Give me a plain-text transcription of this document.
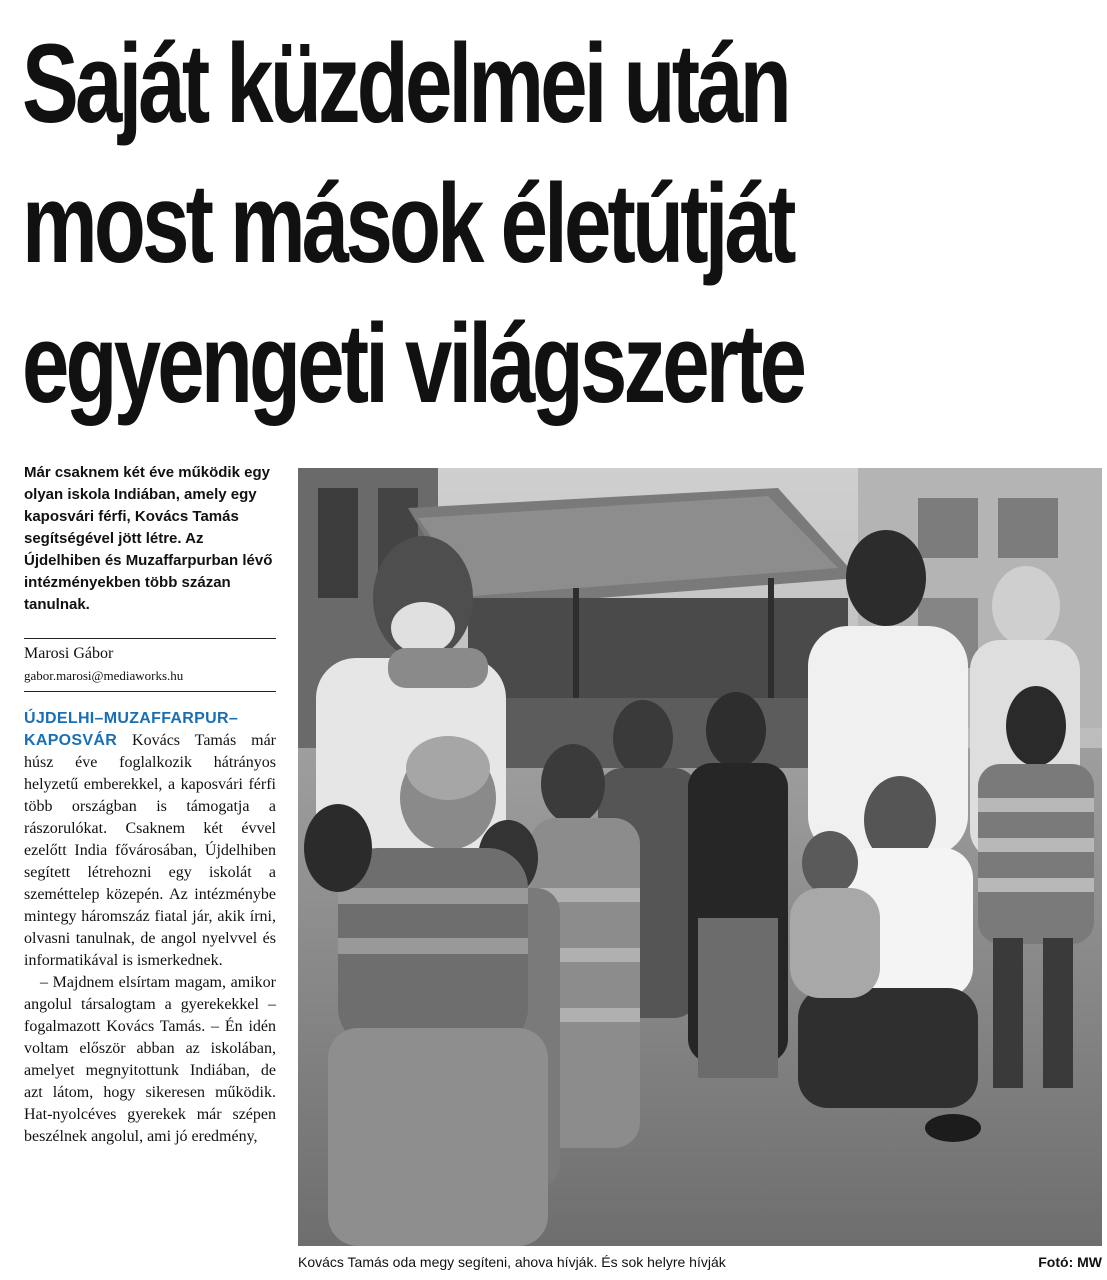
Saját küzdelmei után
most mások életútját
egyengeti világszerte

Már csaknem két éve működik egy olyan iskola Indiában, amely egy kaposvári férfi, Kovács Tamás segítségével jött létre. Az Újdelhiben és Muzaffarpurban lévő intézményekben több százan tanulnak.

Marosi Gábor
gabor.marosi@mediaworks.hu

ÚJDELHI–MUZAFFARPUR–KAPOSVÁR Kovács Tamás már húsz éve foglalkozik hátrányos helyzetű emberekkel, a kaposvári férfi több országban is támogatja a rászorulókat. Csaknem két évvel ezelőtt India fővárosában, Újdelhiben segített létrehozni egy iskolát a szeméttelep közepén. Az intézménybe mintegy háromszáz fiatal jár, akik írni, olvasni tanulnak, de angol nyelvvel és informatikával is ismerkednek.

– Majdnem elsírtam magam, amikor angolul társalogtam a gyerekekkel – fogalmazott Kovács Tamás. – Én idén voltam először abban az iskolában, amelyet megnyitottunk Indiában, de azt látom, hogy sikeresen működik. Hat-nyolcéves gyerekek már szépen beszélnek angolul, ami jó eredmény,

Kovács Tamás oda megy segíteni, ahova hívják. És sok helyre hívják	Fotó: MW
